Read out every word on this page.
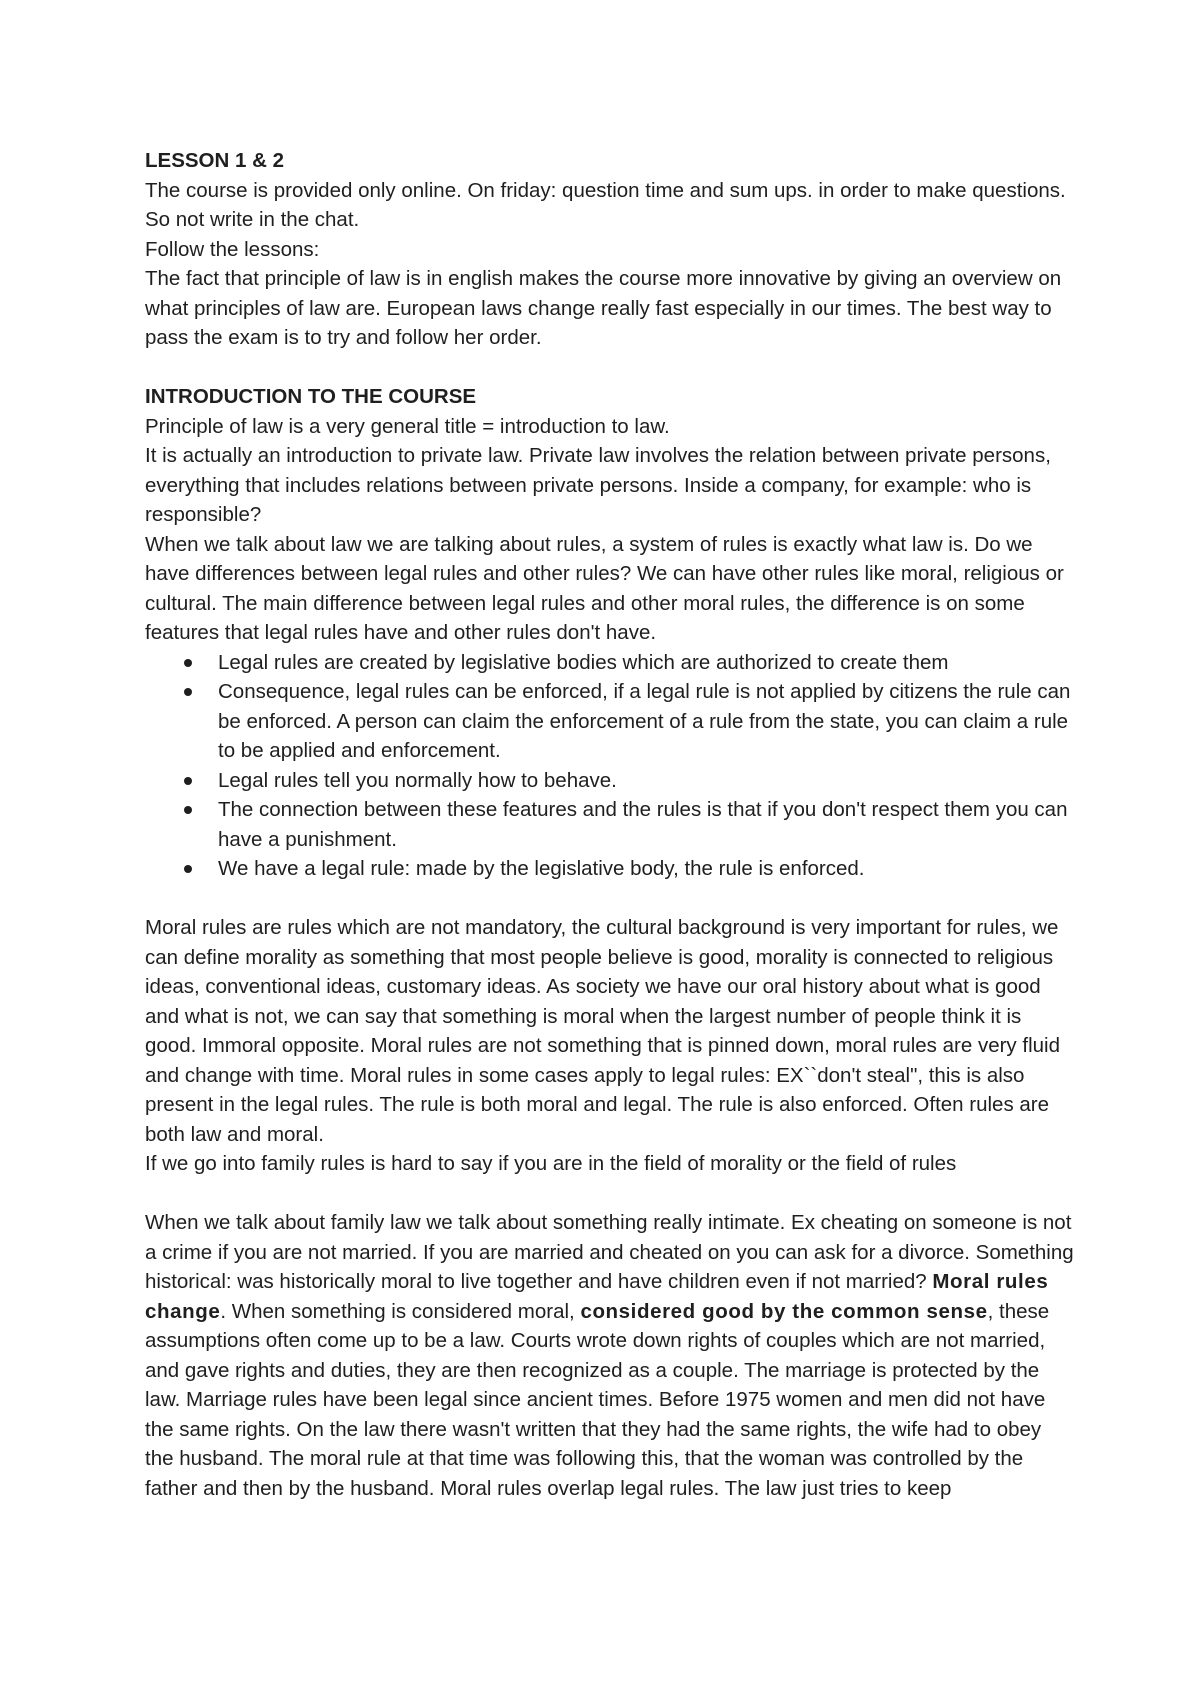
LESSON 1 & 2

The course is provided only online. On friday: question time and sum ups. in order to make questions. So not write in the chat.

Follow the lessons:

The fact that principle of law is in english makes the course more innovative by giving an overview on what principles of law are. European laws change really fast especially in our times. The best way to pass the exam is to try and follow her order.

INTRODUCTION TO THE COURSE

Principle of law is a very general title = introduction to law.

It is actually an introduction to private law. Private law involves the relation between private persons, everything that includes relations between private persons. Inside a company, for example: who is responsible?

When we talk about law we are talking about rules, a system of rules is exactly what law is. Do we have differences between legal rules and other rules? We can have other rules like moral, religious or cultural. The main difference between legal rules and other moral rules, the difference is on some features that legal rules have and other rules don't have.

Legal rules are created by legislative bodies which are authorized to create them
Consequence, legal rules can be enforced, if a legal rule is not applied by citizens the rule can be enforced. A person can claim the enforcement of a rule from the state, you can claim a rule to be applied and enforcement.
Legal rules tell you normally how to behave.
The connection between these features and the rules is that if you don't respect them you can have a punishment.
We have a legal rule: made by the legislative body, the rule is enforced.

Moral rules are rules which are not mandatory, the cultural background is very important for rules, we can define morality as something that most people believe is good, morality is connected to religious ideas, conventional ideas, customary ideas. As society we have our oral history about what is good and what is not, we can say that something is moral when the largest number of people think it is good. Immoral opposite. Moral rules are not something that is pinned down, moral rules are very fluid and change with time. Moral rules in some cases apply to legal rules: EX``don't steal", this is also present in the legal rules. The rule is both moral and legal. The rule is also enforced. Often rules are both law and moral.

If we go into family rules is hard to say if you are in the field of morality or the field of rules

When we talk about family law we talk about something really intimate. Ex cheating on someone is not a crime if you are not married. If you are married and cheated on you can ask for a divorce. Something historical: was historically moral to live together and have children even if not married? Moral rules change. When something is considered moral, considered good by the common sense, these assumptions often come up to be a law. Courts wrote down rights of couples which are not married, and gave rights and duties, they are then recognized as a couple. The marriage is protected by the law. Marriage rules have been legal since ancient times. Before 1975 women and men did not have the same rights. On the law there wasn't written that they had the same rights, the wife had to obey the husband. The moral rule at that time was following this, that the woman was controlled by the father and then by the husband. Moral rules overlap legal rules. The law just tries to keep
